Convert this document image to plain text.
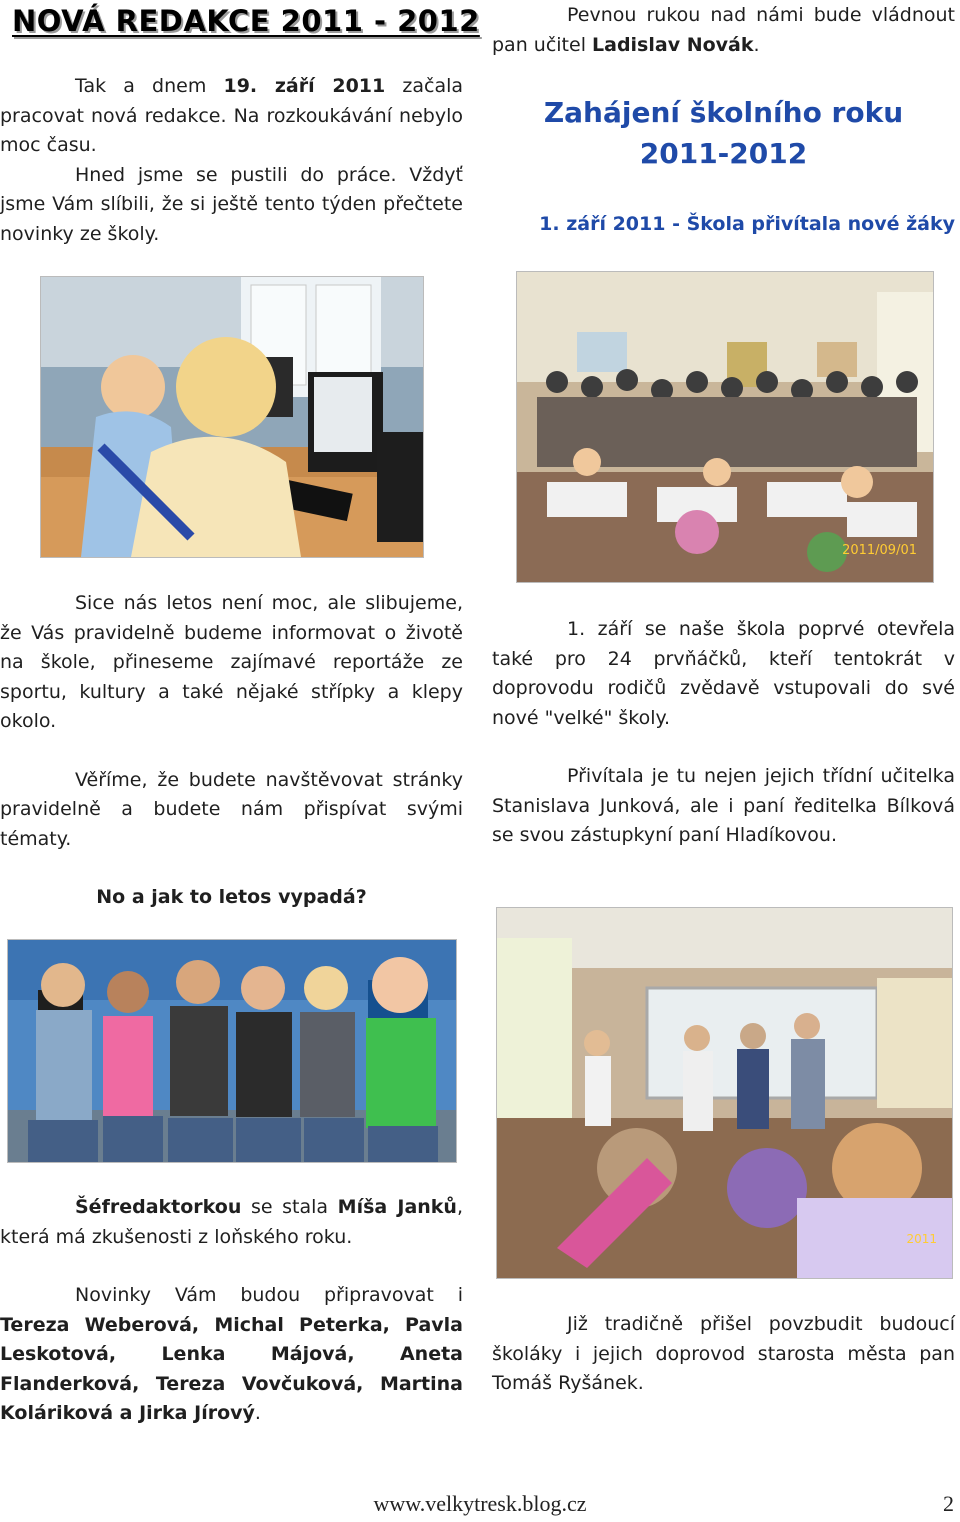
NOVÁ REDAKCE 2011 - 2012

Tak a dnem 19. září 2011 začala pracovat nová redakce. Na rozkoukávání nebylo moc času.

Hned jsme se pustili do práce. Vždyť jsme Vám slíbili, že si ještě tento týden přečtete novinky ze školy.

Pevnou rukou nad námi bude vládnout pan učitel Ladislav Novák.

Zahájení školního roku
2011-2012
1. září 2011 - Škola přivítala nové žáky
2011/09/01

Sice nás letos není moc, ale slibujeme, že Vás pravidelně budeme informovat o životě na škole, přineseme zajímavé reportáže ze sportu, kultury a také nějaké střípky a klepy okolo.

Věříme, že budete navštěvovat stránky pravidelně a budete nám přispívat svými tématy.

No a jak to letos vypadá?

1. září se naše škola poprvé otevřela také pro 24 prvňáčků, kteří tentokrát v doprovodu rodičů zvědavě vstupovali do své nové "velké" školy.

Přivítala je tu nejen jejich třídní učitelka Stanislava Junková, ale i paní ředitelka Bílková se svou zástupkyní paní Hladíkovou.

2011

Šéfredaktorkou se stala Míša Janků, která má zkušenosti z loňského roku.

Novinky Vám budou připravovat i Tereza Weberová, Michal Peterka, Pavla Leskotová, Lenka Májová, Aneta Flanderková, Tereza Vovčuková, Martina Koláriková a Jirka Jírový.

Již tradičně přišel povzbudit budoucí školáky i jejich doprovod starosta města pan Tomáš Ryšánek.

www.velkytresk.blog.cz	2
